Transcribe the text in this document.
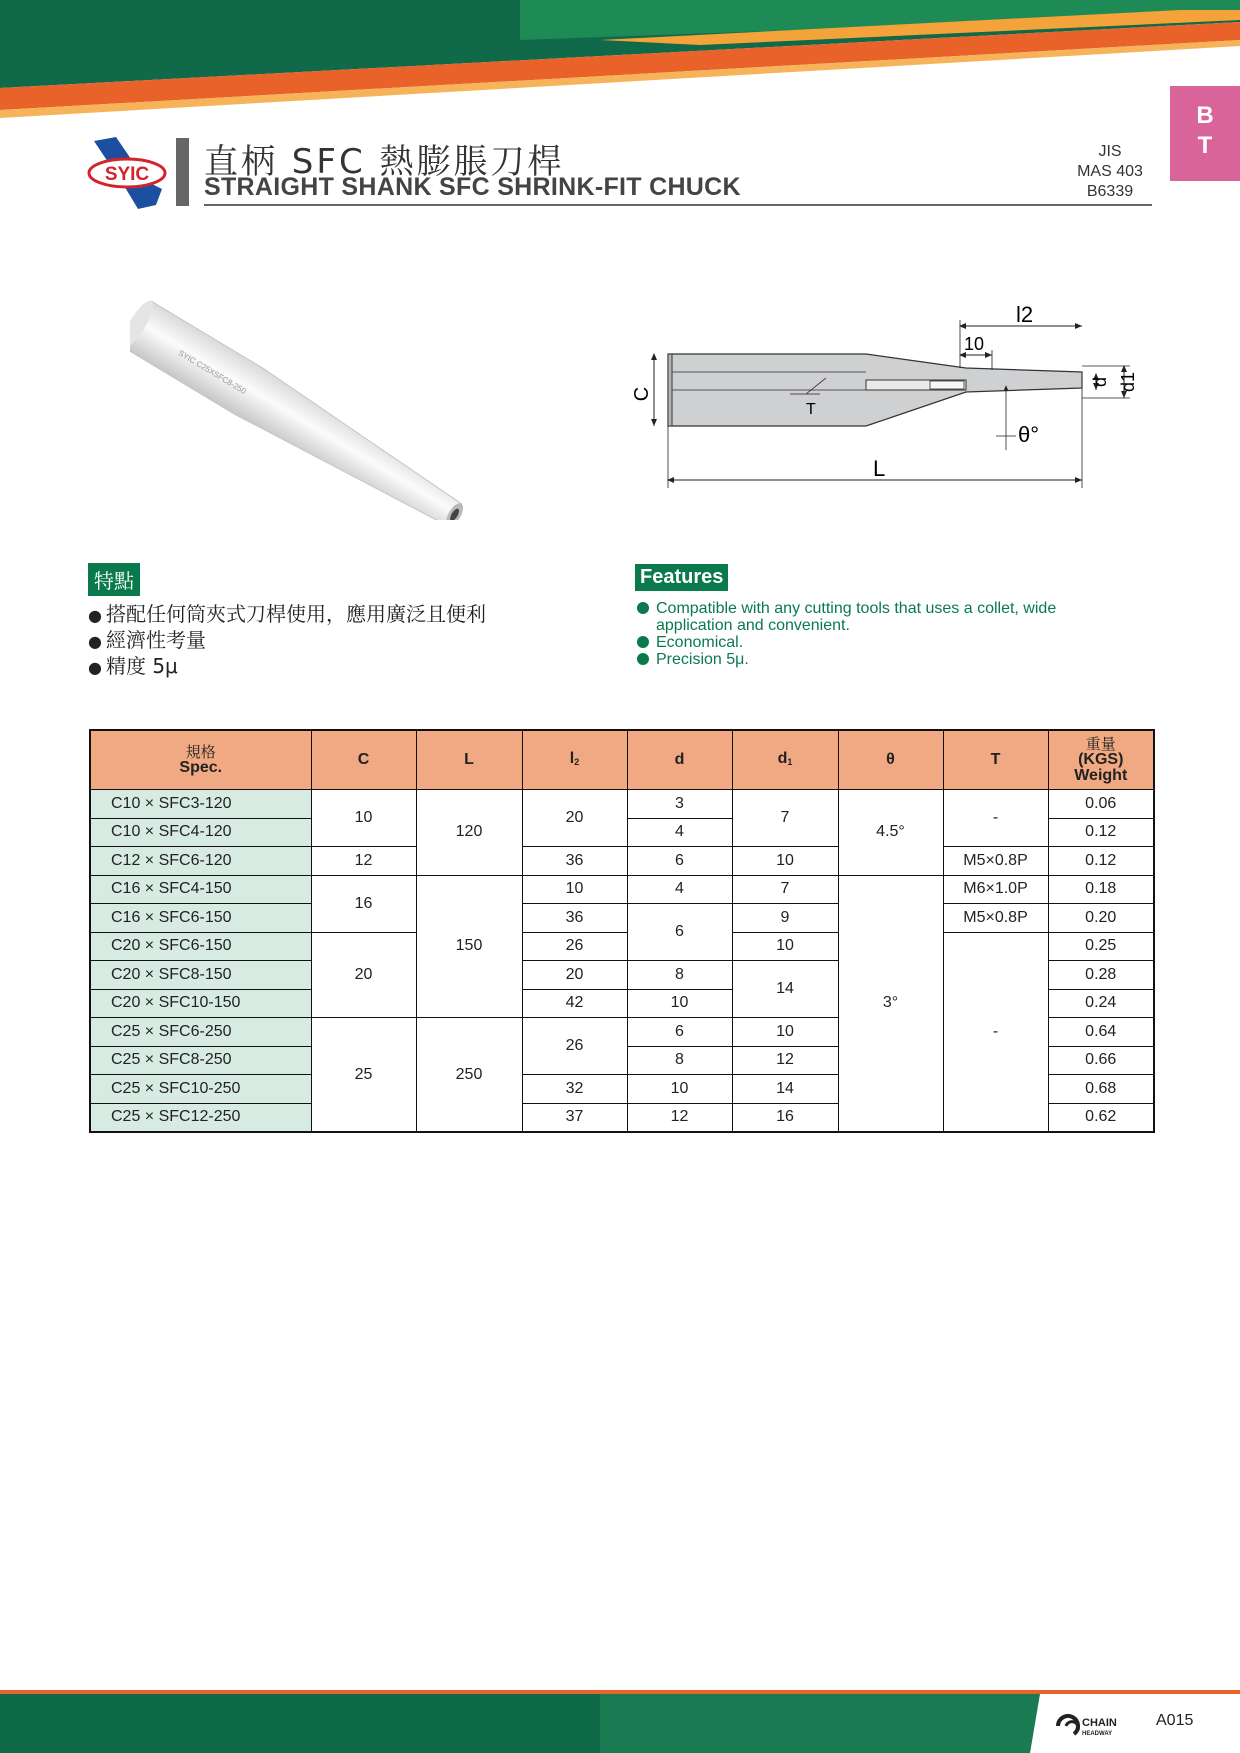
B
T
SYIC 直柄 SFC 熱膨脹刀桿
STRAIGHT SHANK SFC SHRINK-FIT CHUCK
JIS
MAS 403
B6339
SYIC C25XSFC8-250
L
C
l2
10
d d1
T
θ°
特點
● 搭配任何筒夾式刀桿使用，應用廣泛且便利
● 經濟性考量
● 精度 5μ
Features
Compatible with any cutting tools that uses a collet, wide application and convenient.
Economical.
Precision 5μ.
規格
Spec.	C	L	$l_2$	d	$d_1$	θ	T	重量
(KGS)
Weight
C10 × SFC3-120	10	120	20	3	7	4.5°	-	0.06
C10 × SFC4-120				4				0.12
C12 × SFC6-120	12		36	6	10		M5×0.8P	0.12
C16 × SFC4-150	16	150	10	4	7	3°	M6×1.0P	0.18
C16 × SFC6-150			36	6	9		M5×0.8P	0.20
C20 × SFC6-150	20		26		10		-	0.25
C20 × SFC8-150			20	8	14			0.28
C20 × SFC10-150			42	10				0.24
C25 × SFC6-250	25	250	26	6	10			0.64
C25 × SFC8-250				8	12			0.66
C25 × SFC10-250			32	10	14			0.68
C25 × SFC12-250			37	12	16			0.62
CHAIN
HEADWAY
A015
